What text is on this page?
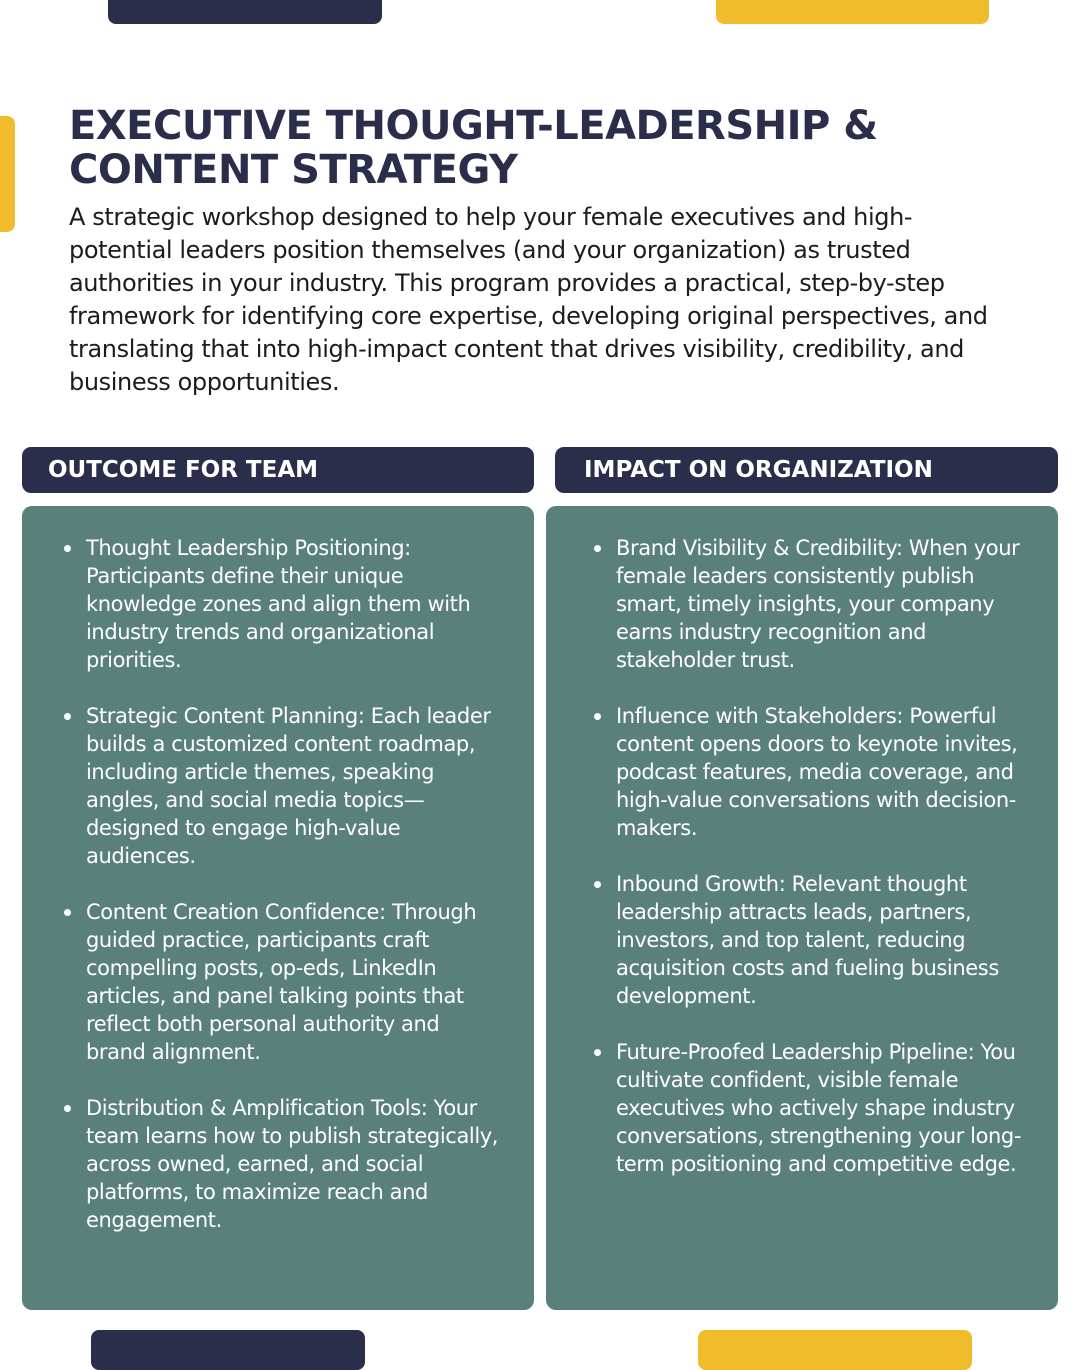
EXECUTIVE THOUGHT-LEADERSHIP & CONTENT STRATEGY

A strategic workshop designed to help your female executives and high-potential leaders position themselves (and your organization) as trusted authorities in your industry. This program provides a practical, step-by-step framework for identifying core expertise, developing original perspectives, and translating that into high-impact content that drives visibility, credibility, and business opportunities.

OUTCOME FOR TEAM	IMPACT ON ORGANIZATION
Thought Leadership Positioning: Participants define their unique knowledge zones and align them with industry trends and organizational priorities.
Strategic Content Planning: Each leader builds a customized content roadmap, including article themes, speaking angles, and social media topics—designed to engage high-value audiences.
Content Creation Confidence: Through guided practice, participants craft compelling posts, op-eds, LinkedIn articles, and panel talking points that reflect both personal authority and brand alignment.
Distribution & Amplification Tools: Your team learns how to publish strategically, across owned, earned, and social platforms, to maximize reach and engagement.
Brand Visibility & Credibility: When your female leaders consistently publish smart, timely insights, your company earns industry recognition and stakeholder trust.
Influence with Stakeholders: Powerful content opens doors to keynote invites, podcast features, media coverage, and high-value conversations with decision-makers.
Inbound Growth: Relevant thought leadership attracts leads, partners, investors, and top talent, reducing acquisition costs and fueling business development.
Future-Proofed Leadership Pipeline: You cultivate confident, visible female executives who actively shape industry conversations, strengthening your long-term positioning and competitive edge.
